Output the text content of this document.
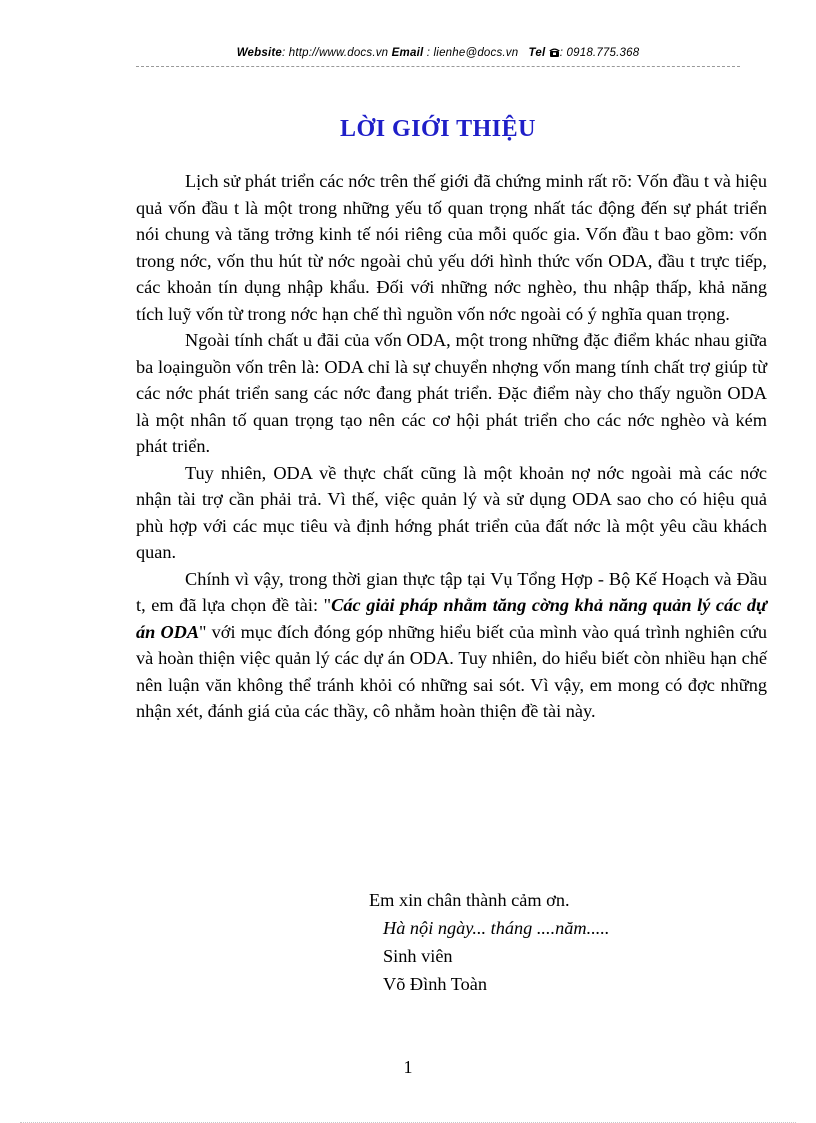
Website: http://www.docs.vn Email : lienhe@docs.vn Tel : 0918.775.368
LỜI GIỚI THIỆU

Lịch sử phát triển các nớc trên thế giới đã chứng minh rất rõ: Vốn đầu t và hiệu quả vốn đầu t là một trong những yếu tố quan trọng nhất tác động đến sự phát triển nói chung và tăng trởng kinh tế nói riêng của mỗi quốc gia. Vốn đầu t bao gồm: vốn trong nớc, vốn thu hút từ nớc ngoài chủ yếu dới hình thức vốn ODA, đầu t trực tiếp, các khoản tín dụng nhập khẩu. Đối với những nớc nghèo, thu nhập thấp, khả năng tích luỹ vốn từ trong nớc hạn chế thì nguồn vốn nớc ngoài có ý nghĩa quan trọng.

Ngoài tính chất u đãi của vốn ODA, một trong những đặc điểm khác nhau giữa ba loạinguồn vốn trên là: ODA chỉ là sự chuyển nhợng vốn mang tính chất trợ giúp từ các nớc phát triển sang các nớc đang phát triển. Đặc điểm này cho thấy nguồn ODA là một nhân tố quan trọng tạo nên các cơ hội phát triển cho các nớc nghèo và kém phát triển.

Tuy nhiên, ODA về thực chất cũng là một khoản nợ nớc ngoài mà các nớc nhận tài trợ cần phải trả. Vì thế, việc quản lý và sử dụng ODA sao cho có hiệu quả phù hợp với các mục tiêu và định hớng phát triển của đất nớc là một yêu cầu khách quan.

Chính vì vậy, trong thời gian thực tập tại Vụ Tổng Hợp - Bộ Kế Hoạch và Đầu t, em đã lựa chọn đề tài: "Các giải pháp nhằm tăng cờng khả năng quản lý các dự án ODA" với mục đích đóng góp những hiểu biết của mình vào quá trình nghiên cứu và hoàn thiện việc quản lý các dự án ODA. Tuy nhiên, do hiểu biết còn nhiều hạn chế nên luận văn không thể tránh khỏi có những sai sót. Vì vậy, em mong có đợc những nhận xét, đánh giá của các thầy, cô nhằm hoàn thiện đề tài này.

Em xin chân thành cảm ơn.
Hà nội ngày... tháng ....năm.....
Sinh viên
Võ Đình Toàn
1
